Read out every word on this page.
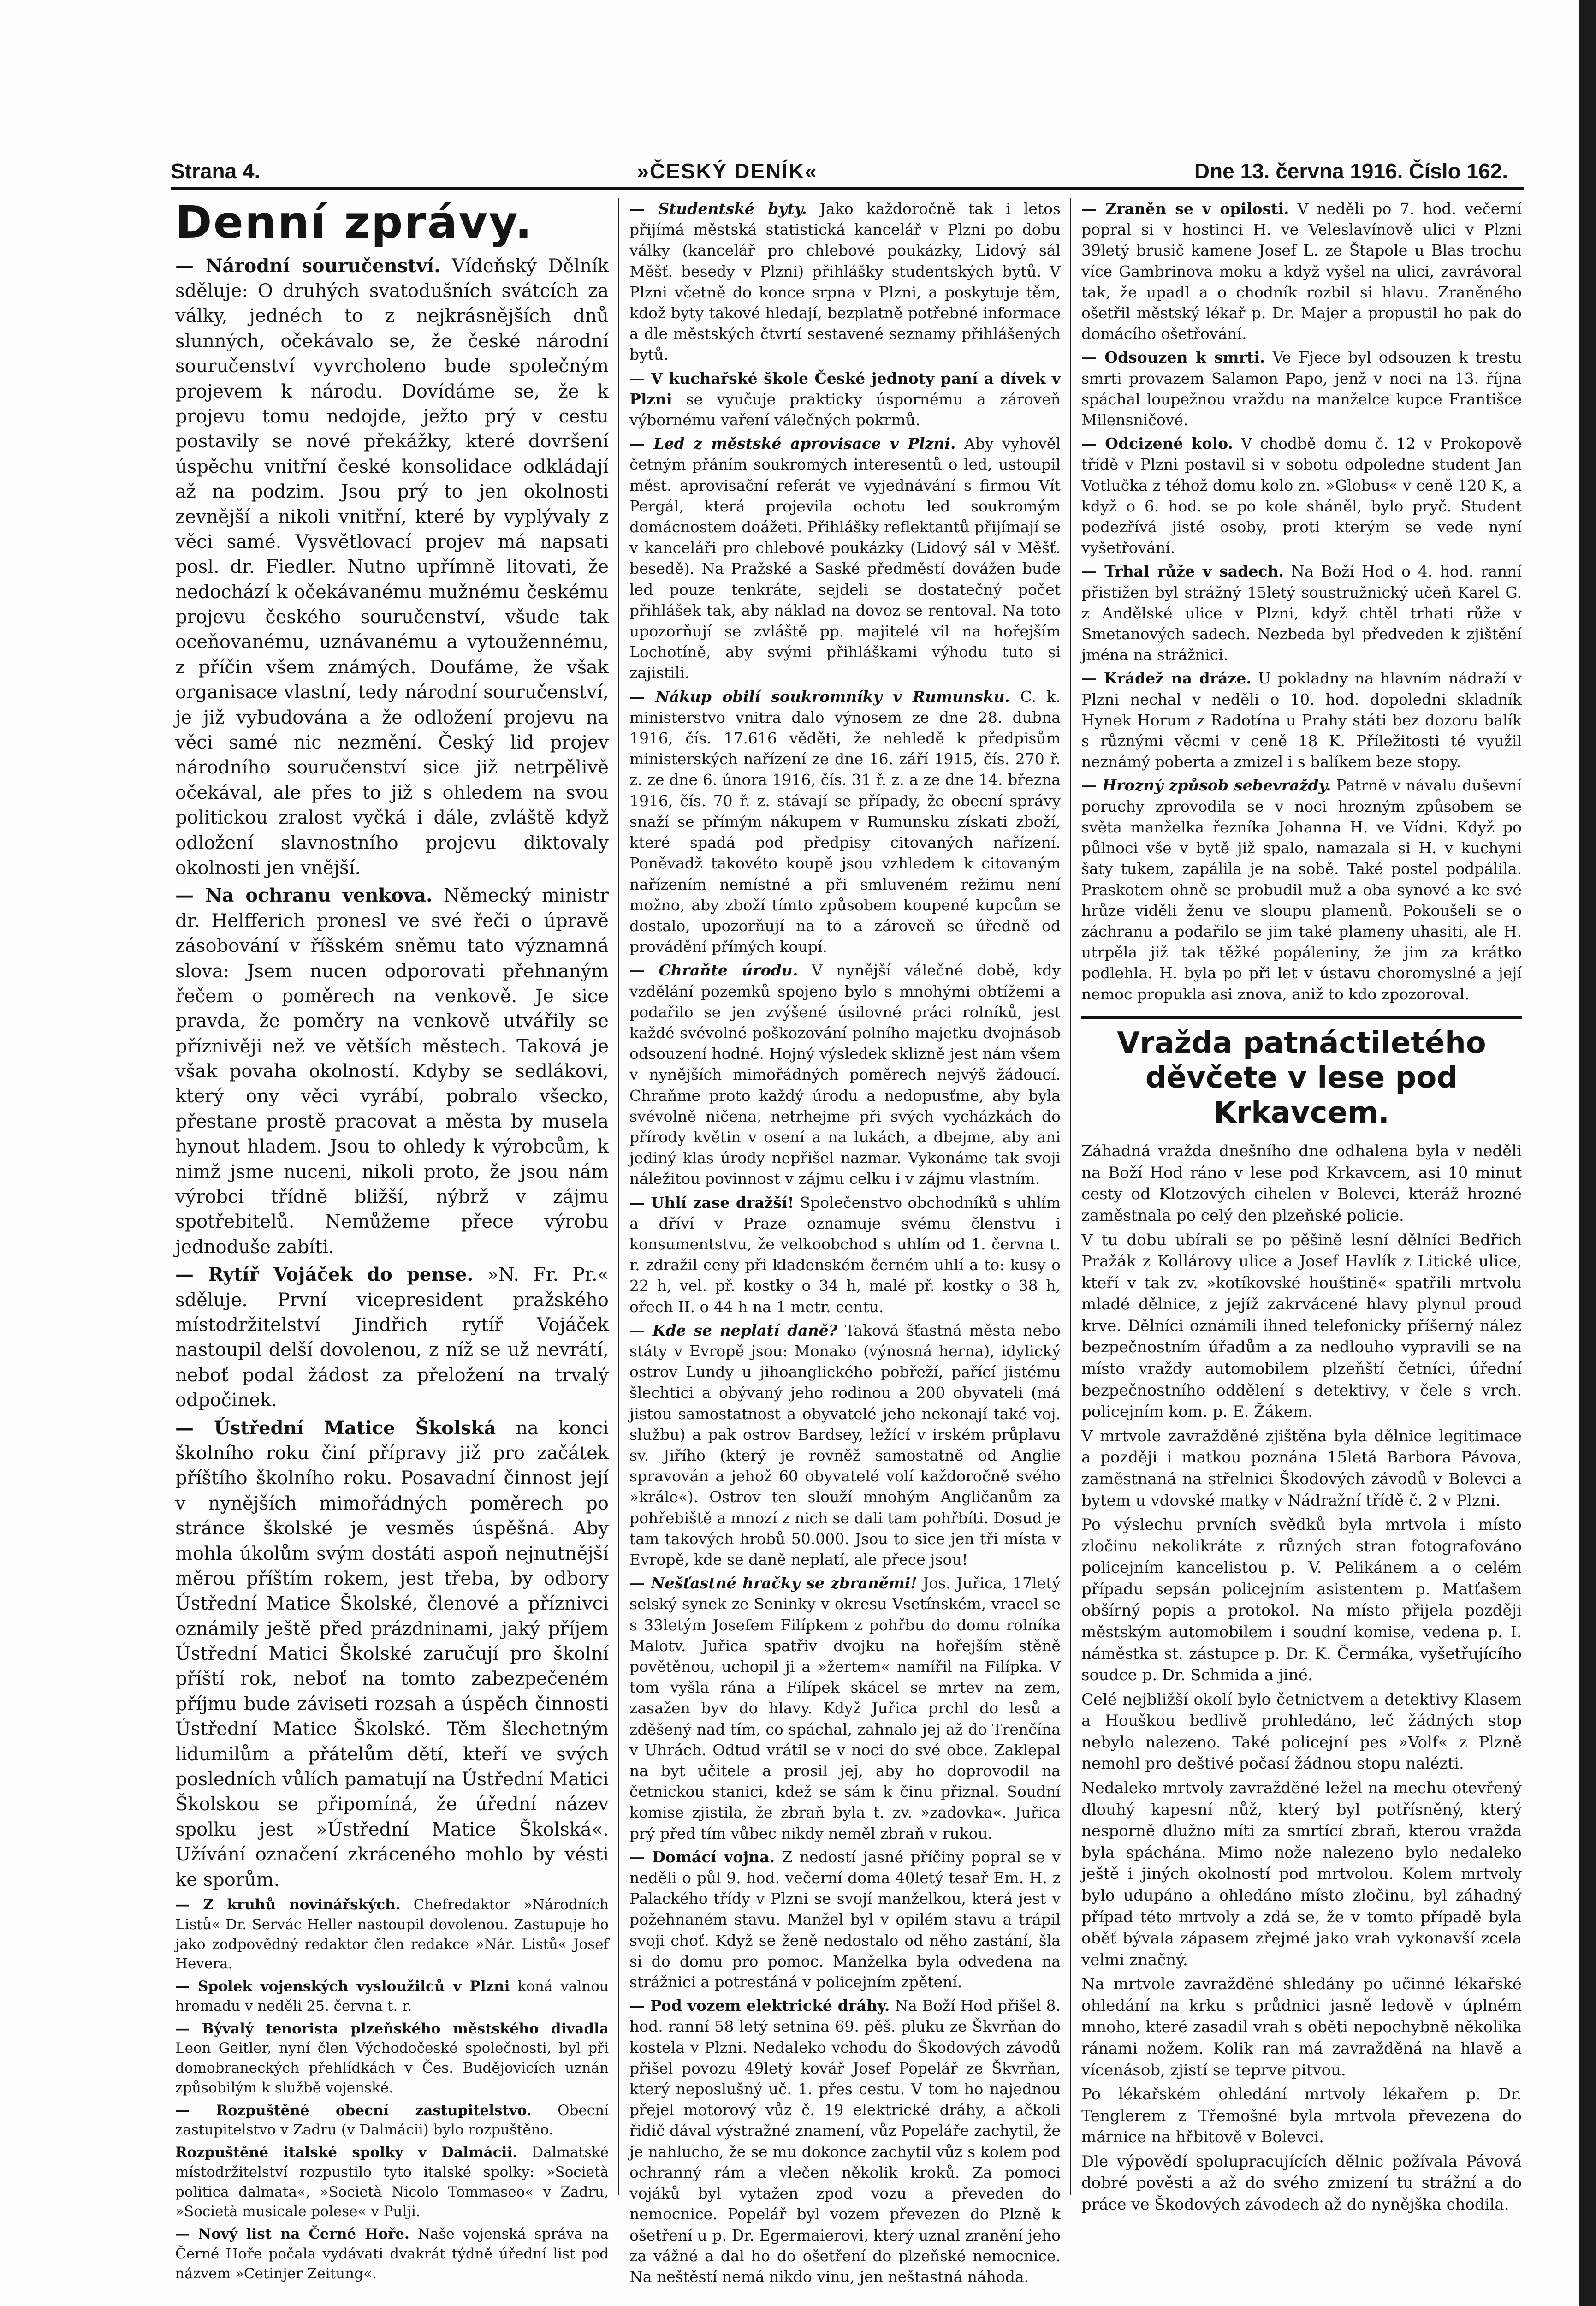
Strana 4.	»ČESKÝ DENÍK«	Dne 13. června 1916. Číslo 162.
Denní zprávy.

— Národní souručenství. Vídeňský Dělník sděluje: O druhých svatodušních svátcích za války, jednéch to z nejkrásnějších dnů slunných, očekávalo se, že české národní souručenství vyvrcholeno bude společným projevem k národu. Dovídáme se, že k projevu tomu nedojde, ježto prý v cestu postavily se nové překážky, které dovršení úspěchu vnitřní české konsolidace odkládají až na podzim. Jsou prý to jen okolnosti zevnější a nikoli vnitřní, které by vyplývaly z věci samé. Vysvětlovací projev má napsati posl. dr. Fiedler. Nutno upřímně litovati, že nedochází k očekávanému mužnému českému projevu českého souručenství, všude tak oceňovanému, uznávanému a vytoužennému, z příčin všem známých. Doufáme, že však organisace vlastní, tedy národní souručenství, je již vybudována a že odložení projevu na věci samé nic nezmění. Český lid projev národního souručenství sice již netrpělivě očekával, ale přes to již s ohledem na svou politickou zralost vyčká i dále, zvláště když odložení slavnostního projevu diktovaly okolnosti jen vnější.

— Na ochranu venkova. Německý ministr dr. Helfferich pronesl ve své řeči o úpravě zásobování v říšském sněmu tato významná slova: Jsem nucen odporovati přehnaným řečem o poměrech na venkově. Je sice pravda, že poměry na venkově utvářily se příznivěji než ve větších městech. Taková je však povaha okolností. Kdyby se sedlákovi, který ony věci vyrábí, pobralo všecko, přestane prostě pracovat a města by musela hynout hladem. Jsou to ohledy k výrobcům, k nimž jsme nuceni, nikoli proto, že jsou nám výrobci třídně bližší, nýbrž v zájmu spotřebitelů. Nemůžeme přece výrobu jednoduše zabíti.

— Rytíř Vojáček do pense. »N. Fr. Pr.« sděluje. První vicepresident pražského místodržitelství Jindřich rytíř Vojáček nastoupil delší dovolenou, z níž se už nevrátí, neboť podal žádost za přeložení na trvalý odpočinek.

— Ústřední Matice Školská na konci školního roku činí přípravy již pro začátek příštího školního roku. Posavadní činnost její v nynějších mimořádných poměrech po stránce školské je vesměs úspěšná. Aby mohla úkolům svým dostáti aspoň nejnutnější měrou příštím rokem, jest třeba, by odbory Ústřední Matice Školské, členové a příznivci oznámily ještě před prázdninami, jaký příjem Ústřední Matici Školské zaručují pro školní příští rok, neboť na tomto zabezpečeném příjmu bude záviseti rozsah a úspěch činnosti Ústřední Matice Školské. Těm šlechetným lidumilům a přátelům dětí, kteří ve svých posledních vůlích pamatují na Ústřední Matici Školskou se připomíná, že úřední název spolku jest »Ústřední Matice Školská«. Užívání označení zkráceného mohlo by vésti ke sporům.

— Z kruhů novinářských. Chefredaktor »Národních Listů« Dr. Servác Heller nastoupil dovolenou. Zastupuje ho jako zodpovědný redaktor člen redakce »Nár. Listů« Josef Hevera.

— Spolek vojenských vysloužilců v Plzni koná valnou hromadu v neděli 25. června t. r.

— Bývalý tenorista plzeňského městského divadla Leon Geitler, nyní člen Východočeské společnosti, byl při domobraneckých přehlídkách v Čes. Budějovicích uznán způsobilým k službě vojenské.

— Rozpuštěné obecní zastupitelstvo. Obecní zastupitelstvo v Zadru (v Dalmácii) bylo rozpuštěno.

Rozpuštěné italské spolky v Dalmácii. Dalmatské místodržitelství rozpustilo tyto italské spolky: »Società politica dalmata«, »Società Nicolo Tommaseo« v Zadru, »Società musicale polese« v Pulji.

— Nový list na Černé Hoře. Naše vojenská správa na Černé Hoře počala vydávati dvakrát týdně úřední list pod názvem »Cetinjer Zeitung«.

— Studentské byty. Jako každoročně tak i letos přijímá městská statistická kancelář v Plzni po dobu války (kancelář pro chlebové poukázky, Lidový sál Měšť. besedy v Plzni) přihlášky studentských bytů. V Plzni včetně do konce srpna v Plzni, a poskytuje těm, kdož byty takové hledají, bezplatně potřebné informace a dle městských čtvrtí sestavené seznamy přihlášených bytů.

— V kuchařské škole České jednoty paní a dívek v Plzni se vyučuje prakticky úspornému a zároveň výbornému vaření válečných pokrmů.

— Led z městské aprovisace v Plzni. Aby vyhověl četným přáním soukromých interesentů o led, ustoupil měst. aprovisační referát ve vyjednávání s firmou Vít Pergál, která projevila ochotu led soukromým domácnostem doážeti. Přihlášky reflektantů přijímají se v kanceláři pro chlebové poukázky (Lidový sál v Měšť. besedě). Na Pražské a Saské předměstí dovážen bude led pouze tenkráte, sejdeli se dostatečný počet přihlášek tak, aby náklad na dovoz se rentoval. Na toto upozorňují se zvláště pp. majitelé vil na hořejším Lochotíně, aby svými přihláškami výhodu tuto si zajistili.

— Nákup obilí soukromníky v Rumunsku. C. k. ministerstvo vnitra dalo výnosem ze dne 28. dubna 1916, čís. 17.616 věděti, že nehledě k předpisům ministerských nařízení ze dne 16. září 1915, čís. 270 ř. z. ze dne 6. února 1916, čís. 31 ř. z. a ze dne 14. března 1916, čís. 70 ř. z. stávají se případy, že obecní správy snaží se přímým nákupem v Rumunsku získati zboží, které spadá pod předpisy citovaných nařízení. Poněvadž takovéto koupě jsou vzhledem k citovaným nařízením nemístné a při smluveném režimu není možno, aby zboží tímto způsobem koupené kupcům se dostalo, upozorňují na to a zároveň se úředně od provádění přímých koupí.

— Chraňte úrodu. V nynější válečné době, kdy vzdělání pozemků spojeno bylo s mnohými obtížemi a podařilo se jen zvýšené úsilovné práci rolníků, jest každé svévolné poškozování polního majetku dvojnásob odsouzení hodné. Hojný výsledek sklizně jest nám všem v nynějších mimořádných poměrech nejvýš žádoucí. Chraňme proto každý úrodu a nedopusťme, aby byla svévolně ničena, netrhejme při svých vycházkách do přírody květin v osení a na lukách, a dbejme, aby ani jediný klas úrody nepřišel nazmar. Vykonáme tak svoji náležitou povinnost v zájmu celku i v zájmu vlastním.

— Uhlí zase dražší! Společenstvo obchodníků s uhlím a dříví v Praze oznamuje svému členstvu i konsumentstvu, že velkoobchod s uhlím od 1. června t. r. zdražil ceny při kladenském černém uhlí a to: kusy o 22 h, vel. př. kostky o 34 h, malé př. kostky o 38 h, ořech II. o 44 h na 1 metr. centu.

— Kde se neplatí daně? Taková šťastná města nebo státy v Evropě jsou: Monako (výnosná herna), idylický ostrov Lundy u jihoanglického pobřeží, pařící jistému šlechtici a obývaný jeho rodinou a 200 obyvateli (má jistou samostatnost a obyvatelé jeho nekonají také voj. službu) a pak ostrov Bardsey, ležící v irském průplavu sv. Jiřího (který je rovněž samostatně od Anglie spravován a jehož 60 obyvatelé volí každoročně svého »krále«). Ostrov ten slouží mnohým Angličanům za pohřebiště a mnozí z nich se dali tam pohřbíti. Dosud je tam takových hrobů 50.000. Jsou to sice jen tři místa v Evropě, kde se daně neplatí, ale přece jsou!

— Nešťastné hračky se zbraněmi! Jos. Juřica, 17letý selský synek ze Seninky v okresu Vsetínském, vracel se s 33letým Josefem Filípkem z pohřbu do domu rolníka Malotv. Juřica spatřiv dvojku na hořejším stěně povětěnou, uchopil ji a »žertem« namířil na Filípka. V tom vyšla rána a Filípek skácel se mrtev na zem, zasažen byv do hlavy. Když Juřica prchl do lesů a zděšený nad tím, co spáchal, zahnalo jej až do Trenčína v Uhrách. Odtud vrátil se v noci do své obce. Zaklepal na byt učitele a prosil jej, aby ho doprovodil na četnickou stanici, kdež se sám k činu přiznal. Soudní komise zjistila, že zbraň byla t. zv. »zadovka«. Juřica prý před tím vůbec nikdy neměl zbraň v rukou.

— Domácí vojna. Z nedostí jasné příčiny popral se v neděli o půl 9. hod. večerní doma 40letý tesař Em. H. z Palackého třídy v Plzni se svojí manželkou, která jest v požehnaném stavu. Manžel byl v opilém stavu a trápil svoji choť. Když se ženě nedostalo od něho zastání, šla si do domu pro pomoc. Manželka byla odvedena na strážnici a potrestáná v policejním zpětení.

— Pod vozem elektrické dráhy. Na Boží Hod přišel 8. hod. ranní 58 letý setnina 69. pěš. pluku ze Škvrňan do kostela v Plzni. Nedaleko vchodu do Škodových závodů přišel povozu 49letý kovář Josef Popelář ze Škvrňan, který neposlušný uč. 1. přes cestu. V tom ho najednou přejel motorový vůz č. 19 elektrické dráhy, a ačkoli řidič dával výstražné znamení, vůz Popeláře zachytil, že je nahlucho, že se mu dokonce zachytil vůz s kolem pod ochranný rám a vlečen několik kroků. Za pomoci vojáků byl vytažen zpod vozu a převeden do nemocnice. Popelář byl vozem převezen do Plzně k ošetření u p. Dr. Egermaierovi, který uznal zranění jeho za vážné a dal ho do ošetření do plzeňské nemocnice. Na neštěstí nemá nikdo vinu, jen neštastná náhoda.

— Zraněn se v opilosti. V neděli po 7. hod. večerní popral si v hostinci H. ve Veleslavínově ulici v Plzni 39letý brusič kamene Josef L. ze Štapole u Blas trochu více Gambrinova moku a když vyšel na ulici, zavrávoral tak, že upadl a o chodník rozbil si hlavu. Zraněného ošetřil městský lékař p. Dr. Majer a propustil ho pak do domácího ošetřování.

— Odsouzen k smrti. Ve Fjece byl odsouzen k trestu smrti provazem Salamon Papo, jenž v noci na 13. října spáchal loupežnou vraždu na manželce kupce Františce Milensničové.

— Odcizené kolo. V chodbě domu č. 12 v Prokopově třídě v Plzni postavil si v sobotu odpoledne student Jan Votlučka z téhož domu kolo zn. »Globus« v ceně 120 K, a když o 6. hod. se po kole sháněl, bylo pryč. Student podezřívá jisté osoby, proti kterým se vede nyní vyšetřování.

— Trhal růže v sadech. Na Boží Hod o 4. hod. ranní přistižen byl strážný 15letý soustružnický učeň Karel G. z Andělské ulice v Plzni, když chtěl trhati růže v Smetanových sadech. Nezbeda byl předveden k zjištění jména na strážnici.

— Krádež na dráze. U pokladny na hlavním nádraží v Plzni nechal v neděli o 10. hod. dopoledni skladník Hynek Horum z Radotína u Prahy státi bez dozoru balík s různými věcmi v ceně 18 K. Příležitosti té využil neznámý pobertа a zmizel i s balíkem beze stopy.

— Hrozný způsob sebevraždy. Patrně v návalu duševní poruchy zprovodila se v noci hrozným způsobem se světa manželka řezníka Johanna H. ve Vídni. Když po půlnoci vše v bytě již spalo, namazala si H. v kuchyni šaty tukem, zapálila je na sobě. Také postel podpálila. Praskotem ohně se probudil muž a oba synové a ke své hrůze viděli ženu ve sloupu plamenů. Pokoušeli se o záchranu a podařilo se jim také plameny uhasiti, ale H. utrpěla již tak těžké popáleniny, že jim za krátko podlehla. H. byla po při let v ústavu choromyslné a její nemoc propukla asi znova, aniž to kdo zpozoroval.

Vražda patnáctiletého děvčete v lese pod Krkavcem.

Záhadná vražda dnešního dne odhalena byla v neděli na Boží Hod ráno v lese pod Krkavcem, asi 10 minut cesty od Klotzových cihelen v Bolevci, kteráž hrozné zaměstnala po celý den plzeňské policie.

V tu dobu ubírali se po pěšině lesní dělníci Bedřich Pražák z Kollárovy ulice a Josef Havlík z Litické ulice, kteří v tak zv. »kotíkovské houštině« spatřili mrtvolu mladé dělnice, z jejíž zakrvácené hlavy plynul proud krve. Dělníci oznámili ihned telefonicky příšerný nález bezpečnostním úřadům a za nedlouho vypravili se na místo vraždy automobilem plzeňští četníci, úřední bezpečnostního oddělení s detektivy, v čele s vrch. policejním kom. p. E. Žákem.

V mrtvole zavražděné zjištěna byla dělnice legitimace a později i matkou poznána 15letá Barbora Pávova, zaměstnaná na střelnici Škodových závodů v Bolevci a bytem u vdovské matky v Nádražní třídě č. 2 v Plzni.

Po výslechu prvních svědků byla mrtvola i místo zločinu nekolikráte z různých stran fotografováno policejním kancelistou p. V. Pelikánem a o celém případu sepsán policejním asistentem p. Matťašem obšírný popis a protokol. Na místo přijela později městským automobilem i soudní komise, vedena p. I. náměstka st. zástupce p. Dr. K. Čermáka, vyšetřujícího soudce p. Dr. Schmida a jiné.

Celé nejbližší okolí bylo četnictvem a detektivy Klasem a Houškou bedlivě prohledáno, leč žádných stop nebylo nalezeno. Také policejní pes »Volf« z Plzně nemohl pro deštivé počasí žádnou stopu nalézti.

Nedaleko mrtvoly zavražděné ležel na mechu otevřený dlouhý kapesní nůž, který byl potřísněný, který nesporně dlužno míti za smrtící zbraň, kterou vražda byla spáchána. Mimo nože nalezeno bylo nedaleko ještě i jiných okolností pod mrtvolou. Kolem mrtvoly bylo udupáno a ohledáno místo zločinu, byl záhadný případ této mrtvoly a zdá se, že v tomto případě byla oběť bývala zápasem zřejmé jako vrah vykonavší zcela velmi značný.

Na mrtvole zavražděné shledány po učinné lékařské ohledání na krku s průdnici jasně ledově v úplném mnoho, které zasadil vrah s oběti nepochybně několika ránami nožem. Kolik ran má zavražděná na hlavě a vícenásob, zjistí se teprve pitvou.

Po lékařském ohledání mrtvoly lékařem p. Dr. Tenglerem z Třemošné byla mrtvola převezena do márnice na hřbitově v Bolevci.

Dle výpovědí spolupracujících dělnic požívala Pávová dobré pověsti a až do svého zmizení tu strážní a do práce ve Škodových závodech až do nynějška chodila.
